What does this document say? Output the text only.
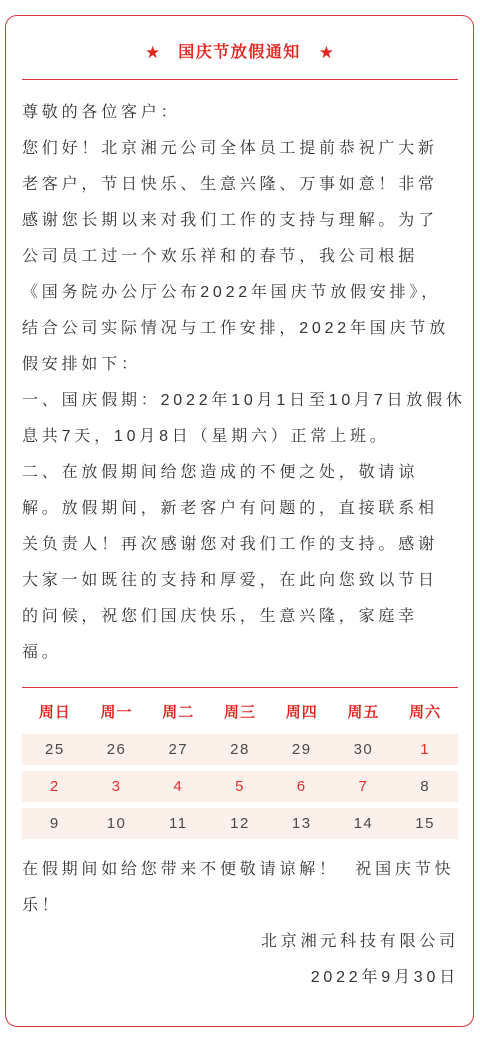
★ 国庆节放假通知 ★
尊敬的各位客户：
您们好！北京湘元公司全体员工提前恭祝广大新
老客户，节日快乐、生意兴隆、万事如意！非常
感谢您长期以来对我们工作的支持与理解。为了
公司员工过一个欢乐祥和的春节，我公司根据
《国务院办公厅公布2022年国庆节放假安排》，
结合公司实际情况与工作安排，2022年国庆节放
假安排如下：
一、国庆假期：2022年10月1日至10月7日放假休
息共7天，10月8日（星期六）正常上班。
二、在放假期间给您造成的不便之处，敬请谅
解。放假期间，新老客户有问题的，直接联系相
关负责人！再次感谢您对我们工作的支持。感谢
大家一如既往的支持和厚爱，在此向您致以节日
的问候，祝您们国庆快乐，生意兴隆，家庭幸
福。
周日	周一	周二	周三	周四	周五	周六
25	26	27	28	29	30	1
2	3	4	5	6	7	8
9	10	11	12	13	14	15
在假期间如给您带来不便敬请谅解！  祝国庆节快
乐！
北京湘元科技有限公司
2022年9月30日
